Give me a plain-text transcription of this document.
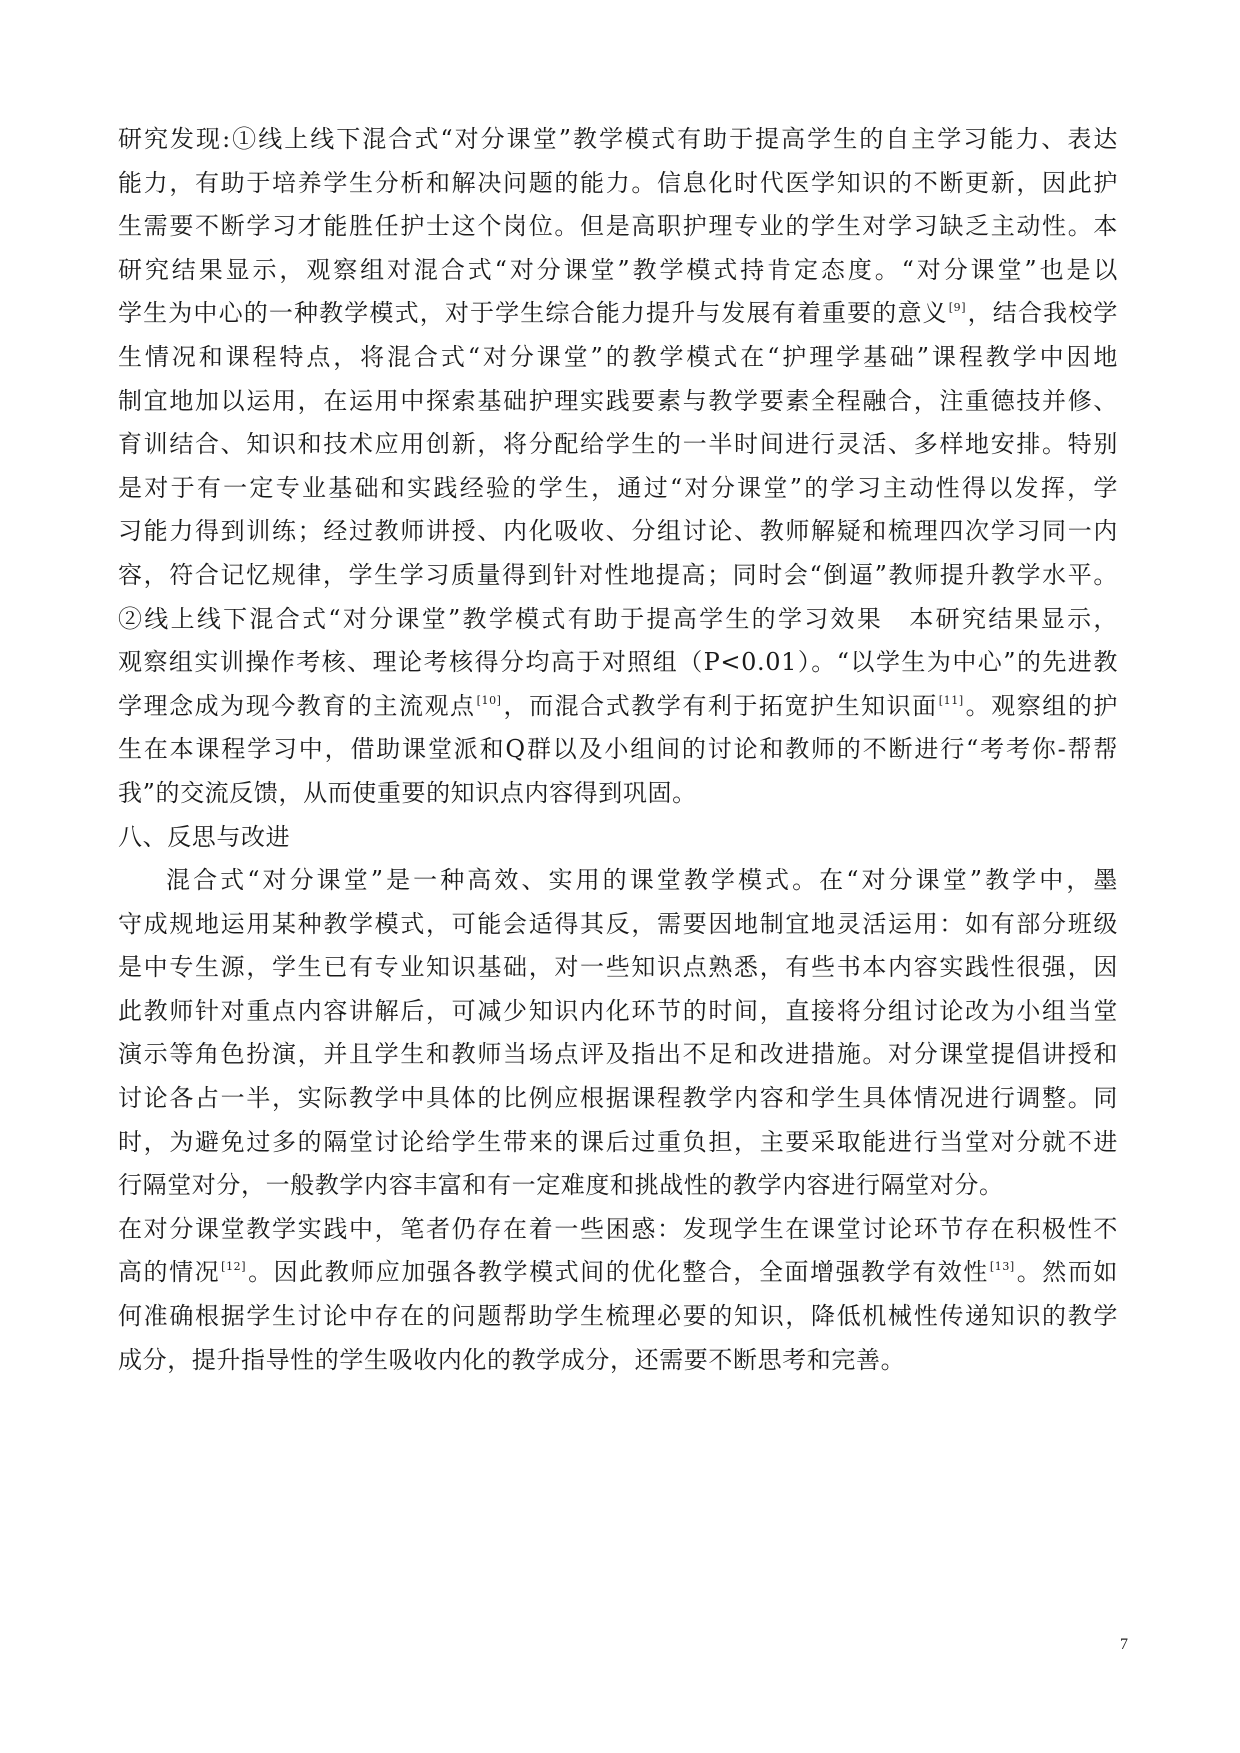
研究发现:①线上线下混合式“对分课堂”教学模式有助于提高学生的自主学习能力、表达
能力，有助于培养学生分析和解决问题的能力。信息化时代医学知识的不断更新，因此护
生需要不断学习才能胜任护士这个岗位。但是高职护理专业的学生对学习缺乏主动性。本
研究结果显示，观察组对混合式“对分课堂”教学模式持肯定态度。“对分课堂”也是以
学生为中心的一种教学模式，对于学生综合能力提升与发展有着重要的意义[9]，结合我校学
生情况和课程特点，将混合式“对分课堂”的教学模式在“护理学基础”课程教学中因地
制宜地加以运用，在运用中探索基础护理实践要素与教学要素全程融合，注重德技并修、
育训结合、知识和技术应用创新，将分配给学生的一半时间进行灵活、多样地安排。特别
是对于有一定专业基础和实践经验的学生，通过“对分课堂”的学习主动性得以发挥，学
习能力得到训练；经过教师讲授、内化吸收、分组讨论、教师解疑和梳理四次学习同一内
容，符合记忆规律，学生学习质量得到针对性地提高；同时会“倒逼”教师提升教学水平。
②线上线下混合式“对分课堂”教学模式有助于提高学生的学习效果　本研究结果显示，
观察组实训操作考核、理论考核得分均高于对照组（P<0.01）。“以学生为中心”的先进教
学理念成为现今教育的主流观点[10]，而混合式教学有利于拓宽护生知识面[11]。观察组的护
生在本课程学习中，借助课堂派和Q群以及小组间的讨论和教师的不断进行“考考你-帮帮
我”的交流反馈，从而使重要的知识点内容得到巩固。
八、反思与改进
混合式“对分课堂”是一种高效、实用的课堂教学模式。在“对分课堂”教学中，墨
守成规地运用某种教学模式，可能会适得其反，需要因地制宜地灵活运用：如有部分班级
是中专生源，学生已有专业知识基础，对一些知识点熟悉，有些书本内容实践性很强，因
此教师针对重点内容讲解后，可减少知识内化环节的时间，直接将分组讨论改为小组当堂
演示等角色扮演，并且学生和教师当场点评及指出不足和改进措施。对分课堂提倡讲授和
讨论各占一半，实际教学中具体的比例应根据课程教学内容和学生具体情况进行调整。同
时，为避免过多的隔堂讨论给学生带来的课后过重负担，主要采取能进行当堂对分就不进
行隔堂对分，一般教学内容丰富和有一定难度和挑战性的教学内容进行隔堂对分。
在对分课堂教学实践中，笔者仍存在着一些困惑：发现学生在课堂讨论环节存在积极性不
高的情况[12]。因此教师应加强各教学模式间的优化整合，全面增强教学有效性[13]。然而如
何准确根据学生讨论中存在的问题帮助学生梳理必要的知识，降低机械性传递知识的教学
成分，提升指导性的学生吸收内化的教学成分，还需要不断思考和完善。
7
